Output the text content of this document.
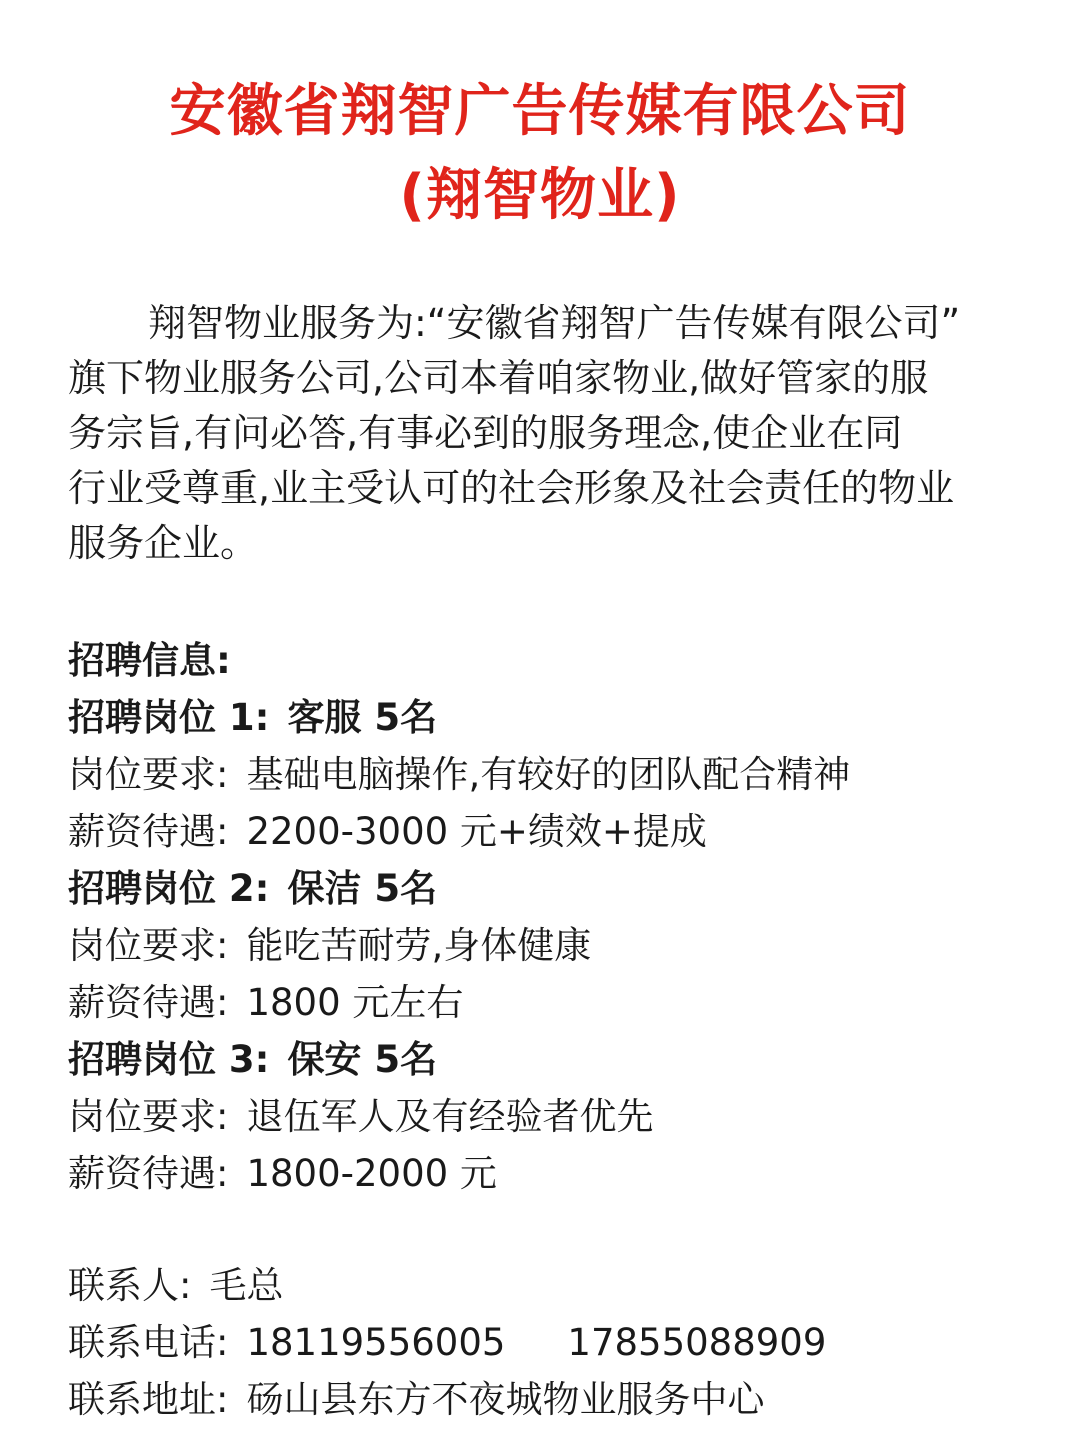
安徽省翔智广告传媒有限公司
(翔智物业)
翔智物业服务为:“安徽省翔智广告传媒有限公司”
旗下物业服务公司,公司本着咱家物业,做好管家的服
务宗旨,有问必答,有事必到的服务理念,使企业在同
行业受尊重,业主受认可的社会形象及社会责任的物业
服务企业。
招聘信息:
招聘岗位 1: 客服 5名
岗位要求: 基础电脑操作,有较好的团队配合精神
薪资待遇: 2200-3000 元+绩效+提成
招聘岗位 2: 保洁 5名
岗位要求: 能吃苦耐劳,身体健康
薪资待遇: 1800 元左右
招聘岗位 3: 保安 5名
岗位要求: 退伍军人及有经验者优先
薪资待遇: 1800-2000 元
联系人: 毛总
联系电话: 18119556005 17855088909
联系地址: 砀山县东方不夜城物业服务中心
